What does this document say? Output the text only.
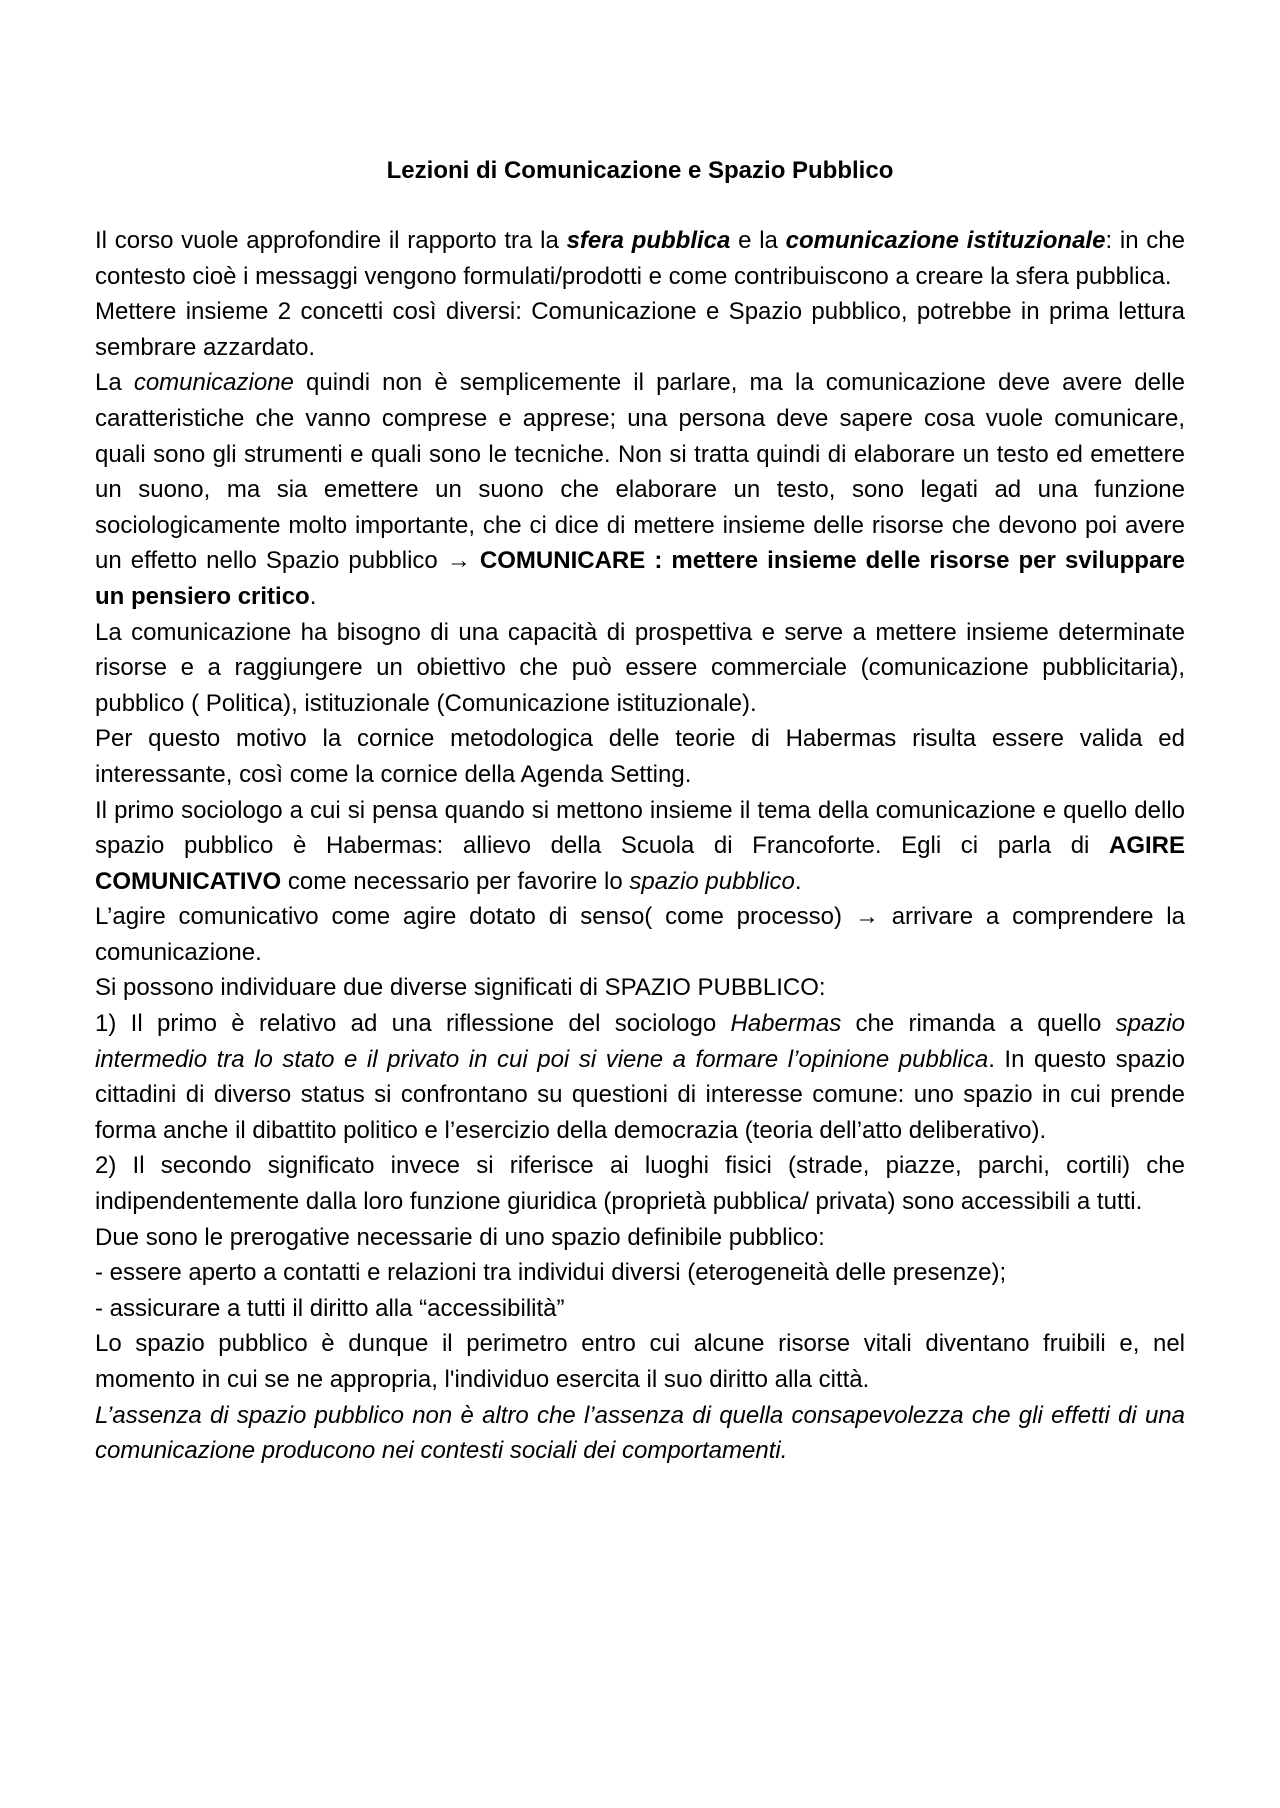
Lezioni di Comunicazione e Spazio Pubblico

Il corso vuole approfondire il rapporto tra la sfera pubblica e la comunicazione istituzionale: in che contesto cioè i messaggi vengono formulati/prodotti e come contribuiscono a creare la sfera pubblica.

Mettere insieme 2 concetti così diversi: Comunicazione e Spazio pubblico, potrebbe in prima lettura sembrare azzardato.

La comunicazione quindi non è semplicemente il parlare, ma la comunicazione deve avere delle caratteristiche che vanno comprese e apprese; una persona deve sapere cosa vuole comunicare, quali sono gli strumenti e quali sono le tecniche. Non si tratta quindi di elaborare un testo ed emettere un suono, ma sia emettere un suono che elaborare un testo, sono legati ad una funzione sociologicamente molto importante, che ci dice di mettere insieme delle risorse che devono poi avere un effetto nello Spazio pubblico → COMUNICARE : mettere insieme delle risorse per sviluppare un pensiero critico.

La comunicazione ha bisogno di una capacità di prospettiva e serve a mettere insieme determinate risorse e a raggiungere un obiettivo che può essere commerciale (comunicazione pubblicitaria), pubblico ( Politica), istituzionale (Comunicazione istituzionale).

Per questo motivo la cornice metodologica delle teorie di Habermas risulta essere valida ed interessante, così come la cornice della Agenda Setting.

Il primo sociologo a cui si pensa quando si mettono insieme il tema della comunicazione e quello dello spazio pubblico è Habermas: allievo della Scuola di Francoforte. Egli ci parla di AGIRE COMUNICATIVO come necessario per favorire lo spazio pubblico.

L’agire comunicativo come agire dotato di senso( come processo) → arrivare a comprendere la comunicazione.

Si possono individuare due diverse significati di SPAZIO PUBBLICO:

1) Il primo è relativo ad una riflessione del sociologo Habermas che rimanda a quello spazio intermedio tra lo stato e il privato in cui poi si viene a formare l’opinione pubblica. In questo spazio cittadini di diverso status si confrontano su questioni di interesse comune: uno spazio in cui prende forma anche il dibattito politico e l’esercizio della democrazia (teoria dell’atto deliberativo).

2) Il secondo significato invece si riferisce ai luoghi fisici (strade, piazze, parchi, cortili) che indipendentemente dalla loro funzione giuridica (proprietà pubblica/ privata) sono accessibili a tutti.

Due sono le prerogative necessarie di uno spazio definibile pubblico:

- essere aperto a contatti e relazioni tra individui diversi (eterogeneità delle presenze);

- assicurare a tutti il diritto alla “accessibilità”

Lo spazio pubblico è dunque il perimetro entro cui alcune risorse vitali diventano fruibili e, nel momento in cui se ne appropria, l'individuo esercita il suo diritto alla città.

L’assenza di spazio pubblico non è altro che l’assenza di quella consapevolezza che gli effetti di una comunicazione producono nei contesti sociali dei comportamenti.
